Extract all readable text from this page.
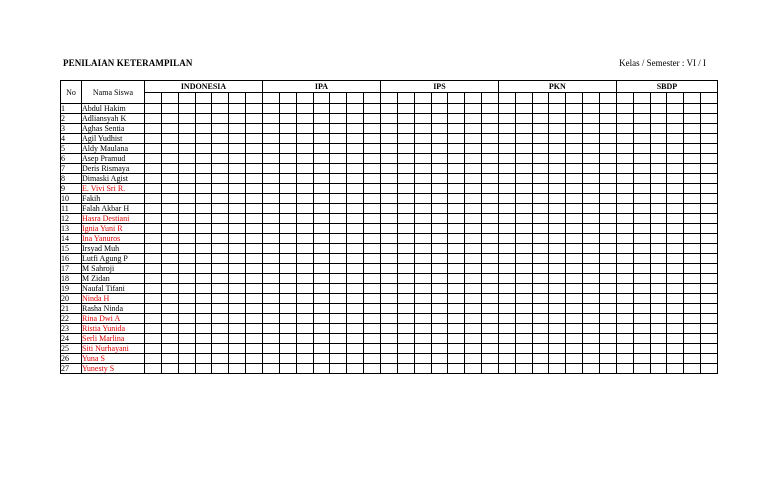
PENILAIAN KETERAMPILAN	Kelas / Semester : VI / I
No	Nama Siswa	INDONESIA							IPA							IPS							PKN							SBDP					

1	Abdul Hakim																																		
2	Adliansyah K																																		
3	Aghas Sentia																																		
4	Agil Yudhist																																		
5	Aldy Maulana																																		
6	Asep Pramud																																		
7	Deris Rismaya																																		
8	Dimaski Agist																																		
9	E. Vivi Sri R.																																		
10	Fakih																																		
11	Falah Akbar H																																		
12	Hasra Destiani																																		
13	Ignia Yuni R																																		
14	Ina Yanuros																																		
15	Irsyad Muh																																		
16	Lutfi Agung P																																		
17	M Sahroji																																		
18	M Zidan																																		
19	Naufal Tifani																																		
20	Ninda H																																		
21	Rasha Ninda																																		
22	Rina Dwi A																																		
23	Ristia Yunida																																		
24	Serli Marlina																																		
25	Siti Nurhayani																																		
26	Yuna S																																		
27	Yunesty S																																		
